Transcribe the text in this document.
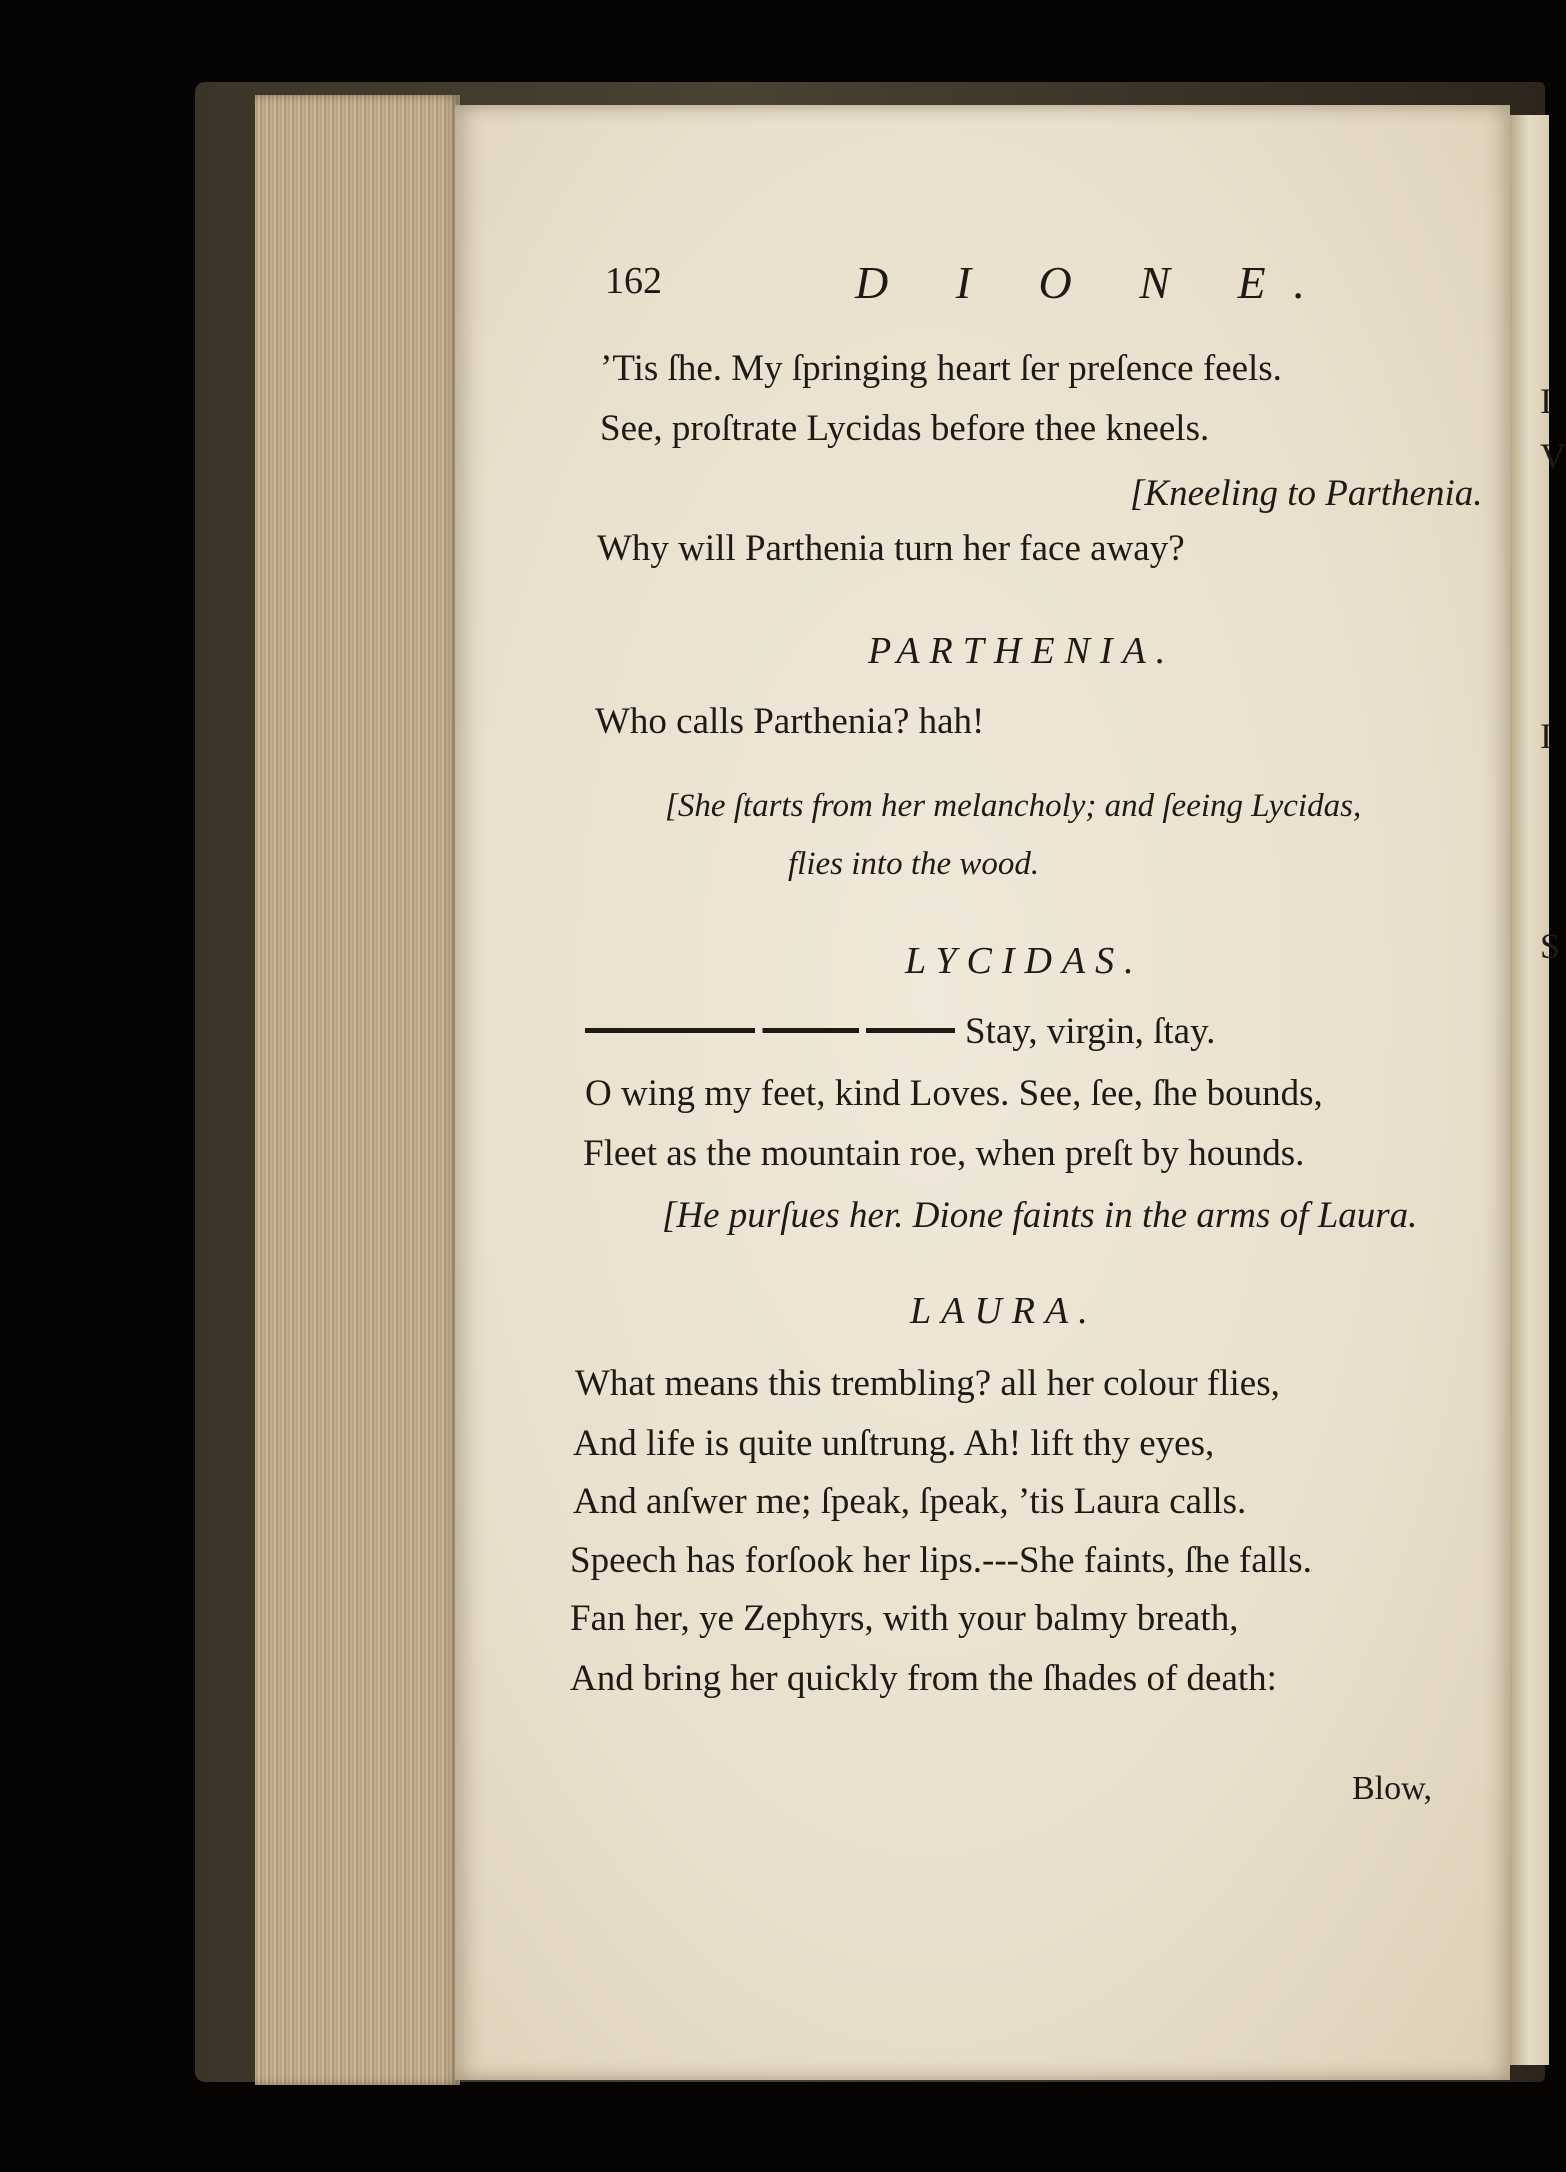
I
V
I
S

162	D I O N E.

’Tis ſhe. My ſpringing heart ſer preſence feels.

See, proſtrate Lycidas before thee kneels.

[Kneeling to Parthenia.

Why will Parthenia turn her face away?

PARTHENIA.

Who calls Parthenia? hah!

[She ſtarts from her melancholy; and ſeeing Lycidas,

flies into the wood.

LYCIDAS.

Stay, virgin, ſtay.

O wing my feet, kind Loves. See, ſee, ſhe bounds,

Fleet as the mountain roe, when preſt by hounds.

[He purſues her. Dione faints in the arms of Laura.

LAURA.

What means this trembling? all her colour flies,

And life is quite unſtrung. Ah! lift thy eyes,

And anſwer me; ſpeak, ſpeak, ’tis Laura calls.

Speech has forſook her lips.---She faints, ſhe falls.

Fan her, ye Zephyrs, with your balmy breath,

And bring her quickly from the ſhades of death:

Blow,
